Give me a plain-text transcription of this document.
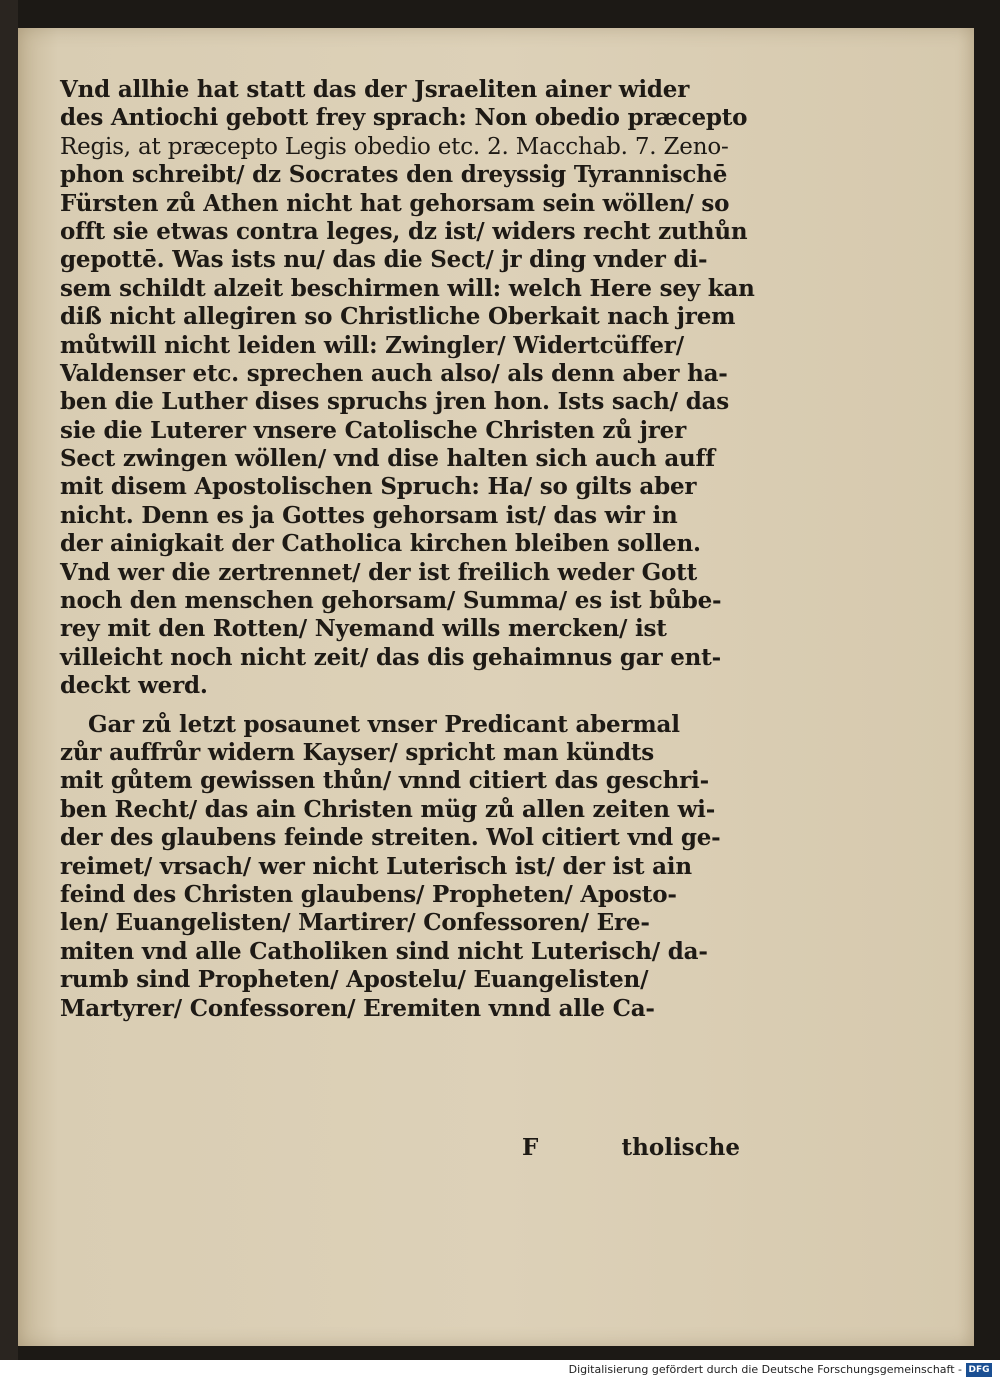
Vnd allhie hat statt das der Jsraeliten ainer wider
des Antiochi gebott frey sprach: Non obedio præcepto
Regis, at præcepto Legis obedio etc. 2. Macchab. 7. Zeno-
phon schreibt/ dz Socrates den dreyssig Tyrannischē
Fürsten zů Athen nicht hat gehorsam sein wöllen/ so
offt sie etwas contra leges, dz ist/ widers recht zuthůn
gepottē. Was ists nu/ das die Sect/ jr ding vnder di-
sem schildt alzeit beschirmen will: welch Here sey kan
diß nicht allegiren so Christliche Oberkait nach jrem
můtwill nicht leiden will: Zwingler/ Widertcüffer/
Valdenser etc. sprechen auch also/ als denn aber ha-
ben die Luther dises spruchs jren hon. Ists sach/ das
sie die Luterer vnsere Catolische Christen zů jrer
Sect zwingen wöllen/ vnd dise halten sich auch auff
mit disem Apostolischen Spruch: Ha/ so gilts aber
nicht. Denn es ja Gottes gehorsam ist/ das wir in
der ainigkait der Catholica kirchen bleiben sollen.
Vnd wer die zertrennet/ der ist freilich weder Gott
noch den menschen gehorsam/ Summa/ es ist bůbe-
rey mit den Rotten/ Nyemand wills mercken/ ist
villeicht noch nicht zeit/ das dis gehaimnus gar ent-
deckt werd.
Gar zů letzt posaunet vnser Predicant abermal
zůr auffrůr widern Kayser/ spricht man kündts
mit gůtem gewissen thůn/ vnnd citiert das geschri-
ben Recht/ das ain Christen müg zů allen zeiten wi-
der des glaubens feinde streiten. Wol citiert vnd ge-
reimet/ vrsach/ wer nicht Luterisch ist/ der ist ain
feind des Christen glaubens/ Propheten/ Aposto-
len/ Euangelisten/ Martirer/ Confessoren/ Ere-
miten vnd alle Catholiken sind nicht Luterisch/ da-
rumb sind Propheten/ Apostelu/ Euangelisten/
Martyrer/ Confessoren/ Eremiten vnnd alle Ca-
F	tholische
Digitalisierung gefördert durch die Deutsche Forschungsgemeinschaft - DFG
